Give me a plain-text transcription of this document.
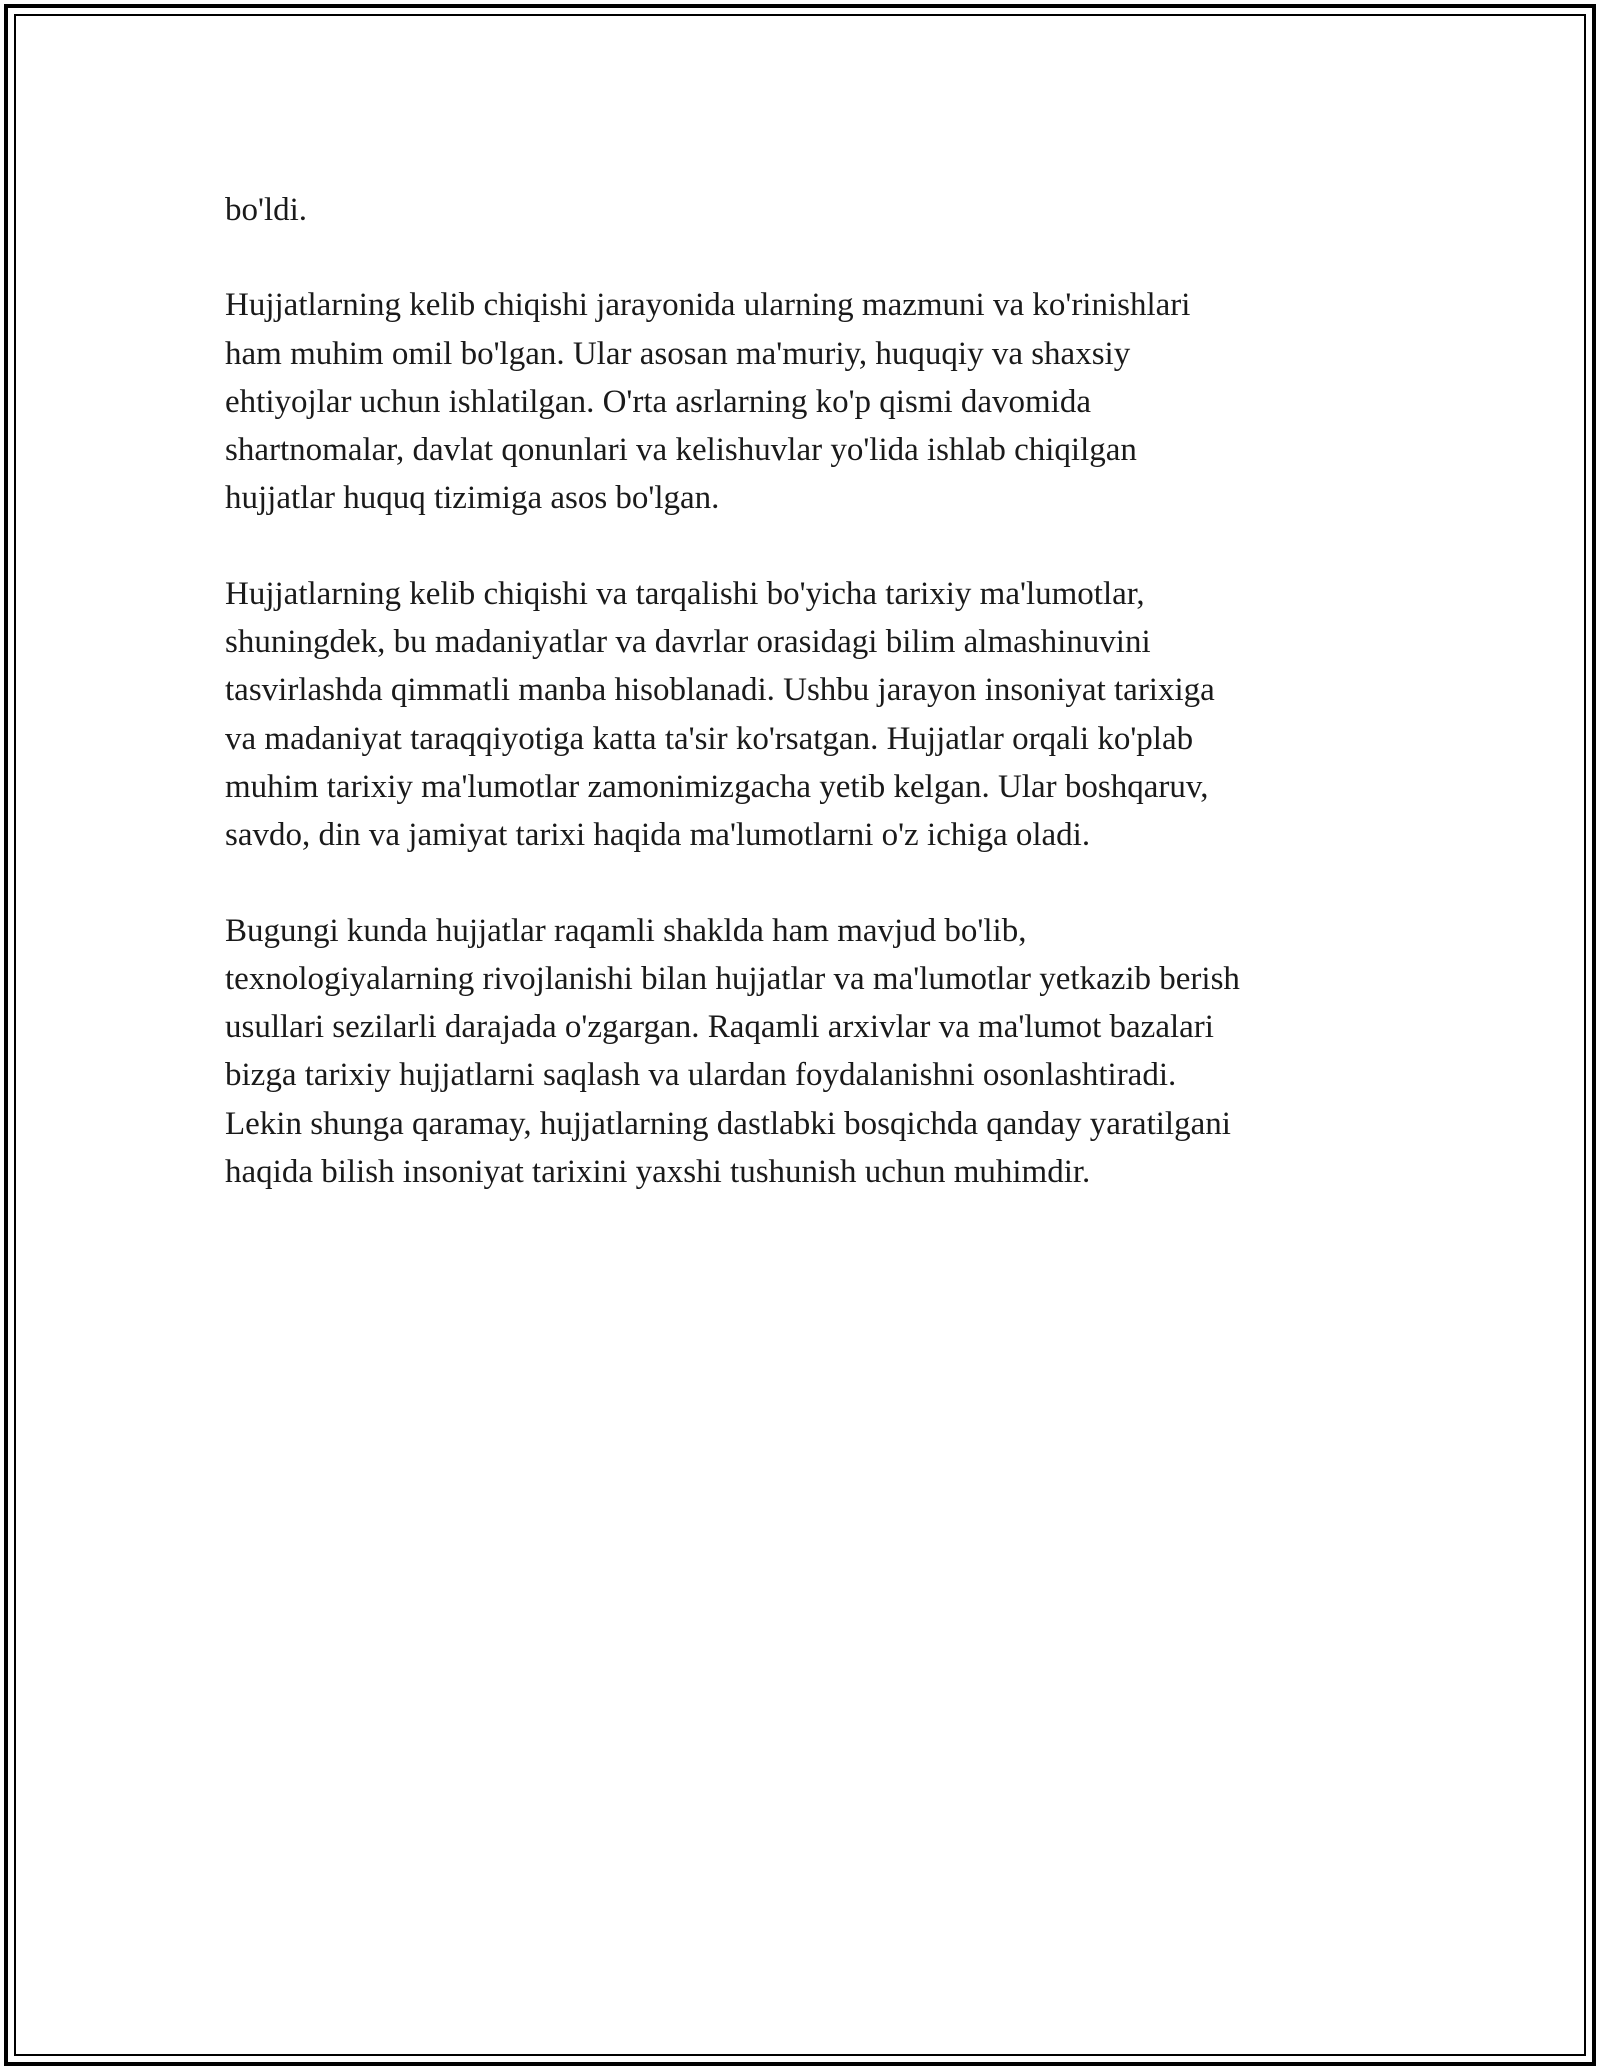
bo'ldi.

Hujjatlarning kelib chiqishi jarayonida ularning mazmuni va ko'rinishlari
ham muhim omil bo'lgan. Ular asosan ma'muriy, huquqiy va shaxsiy
ehtiyojlar uchun ishlatilgan. O'rta asrlarning ko'p qismi davomida
shartnomalar, davlat qonunlari va kelishuvlar yo'lida ishlab chiqilgan
hujjatlar huquq tizimiga asos bo'lgan.

Hujjatlarning kelib chiqishi va tarqalishi bo'yicha tarixiy ma'lumotlar,
shuningdek, bu madaniyatlar va davrlar orasidagi bilim almashinuvini
tasvirlashda qimmatli manba hisoblanadi. Ushbu jarayon insoniyat tarixiga
va madaniyat taraqqiyotiga katta ta'sir ko'rsatgan. Hujjatlar orqali ko'plab
muhim tarixiy ma'lumotlar zamonimizgacha yetib kelgan. Ular boshqaruv,
savdo, din va jamiyat tarixi haqida ma'lumotlarni o'z ichiga oladi.

Bugungi kunda hujjatlar raqamli shaklda ham mavjud bo'lib,
texnologiyalarning rivojlanishi bilan hujjatlar va ma'lumotlar yetkazib berish
usullari sezilarli darajada o'zgargan. Raqamli arxivlar va ma'lumot bazalari
bizga tarixiy hujjatlarni saqlash va ulardan foydalanishni osonlashtiradi.
Lekin shunga qaramay, hujjatlarning dastlabki bosqichda qanday yaratilgani
haqida bilish insoniyat tarixini yaxshi tushunish uchun muhimdir.
